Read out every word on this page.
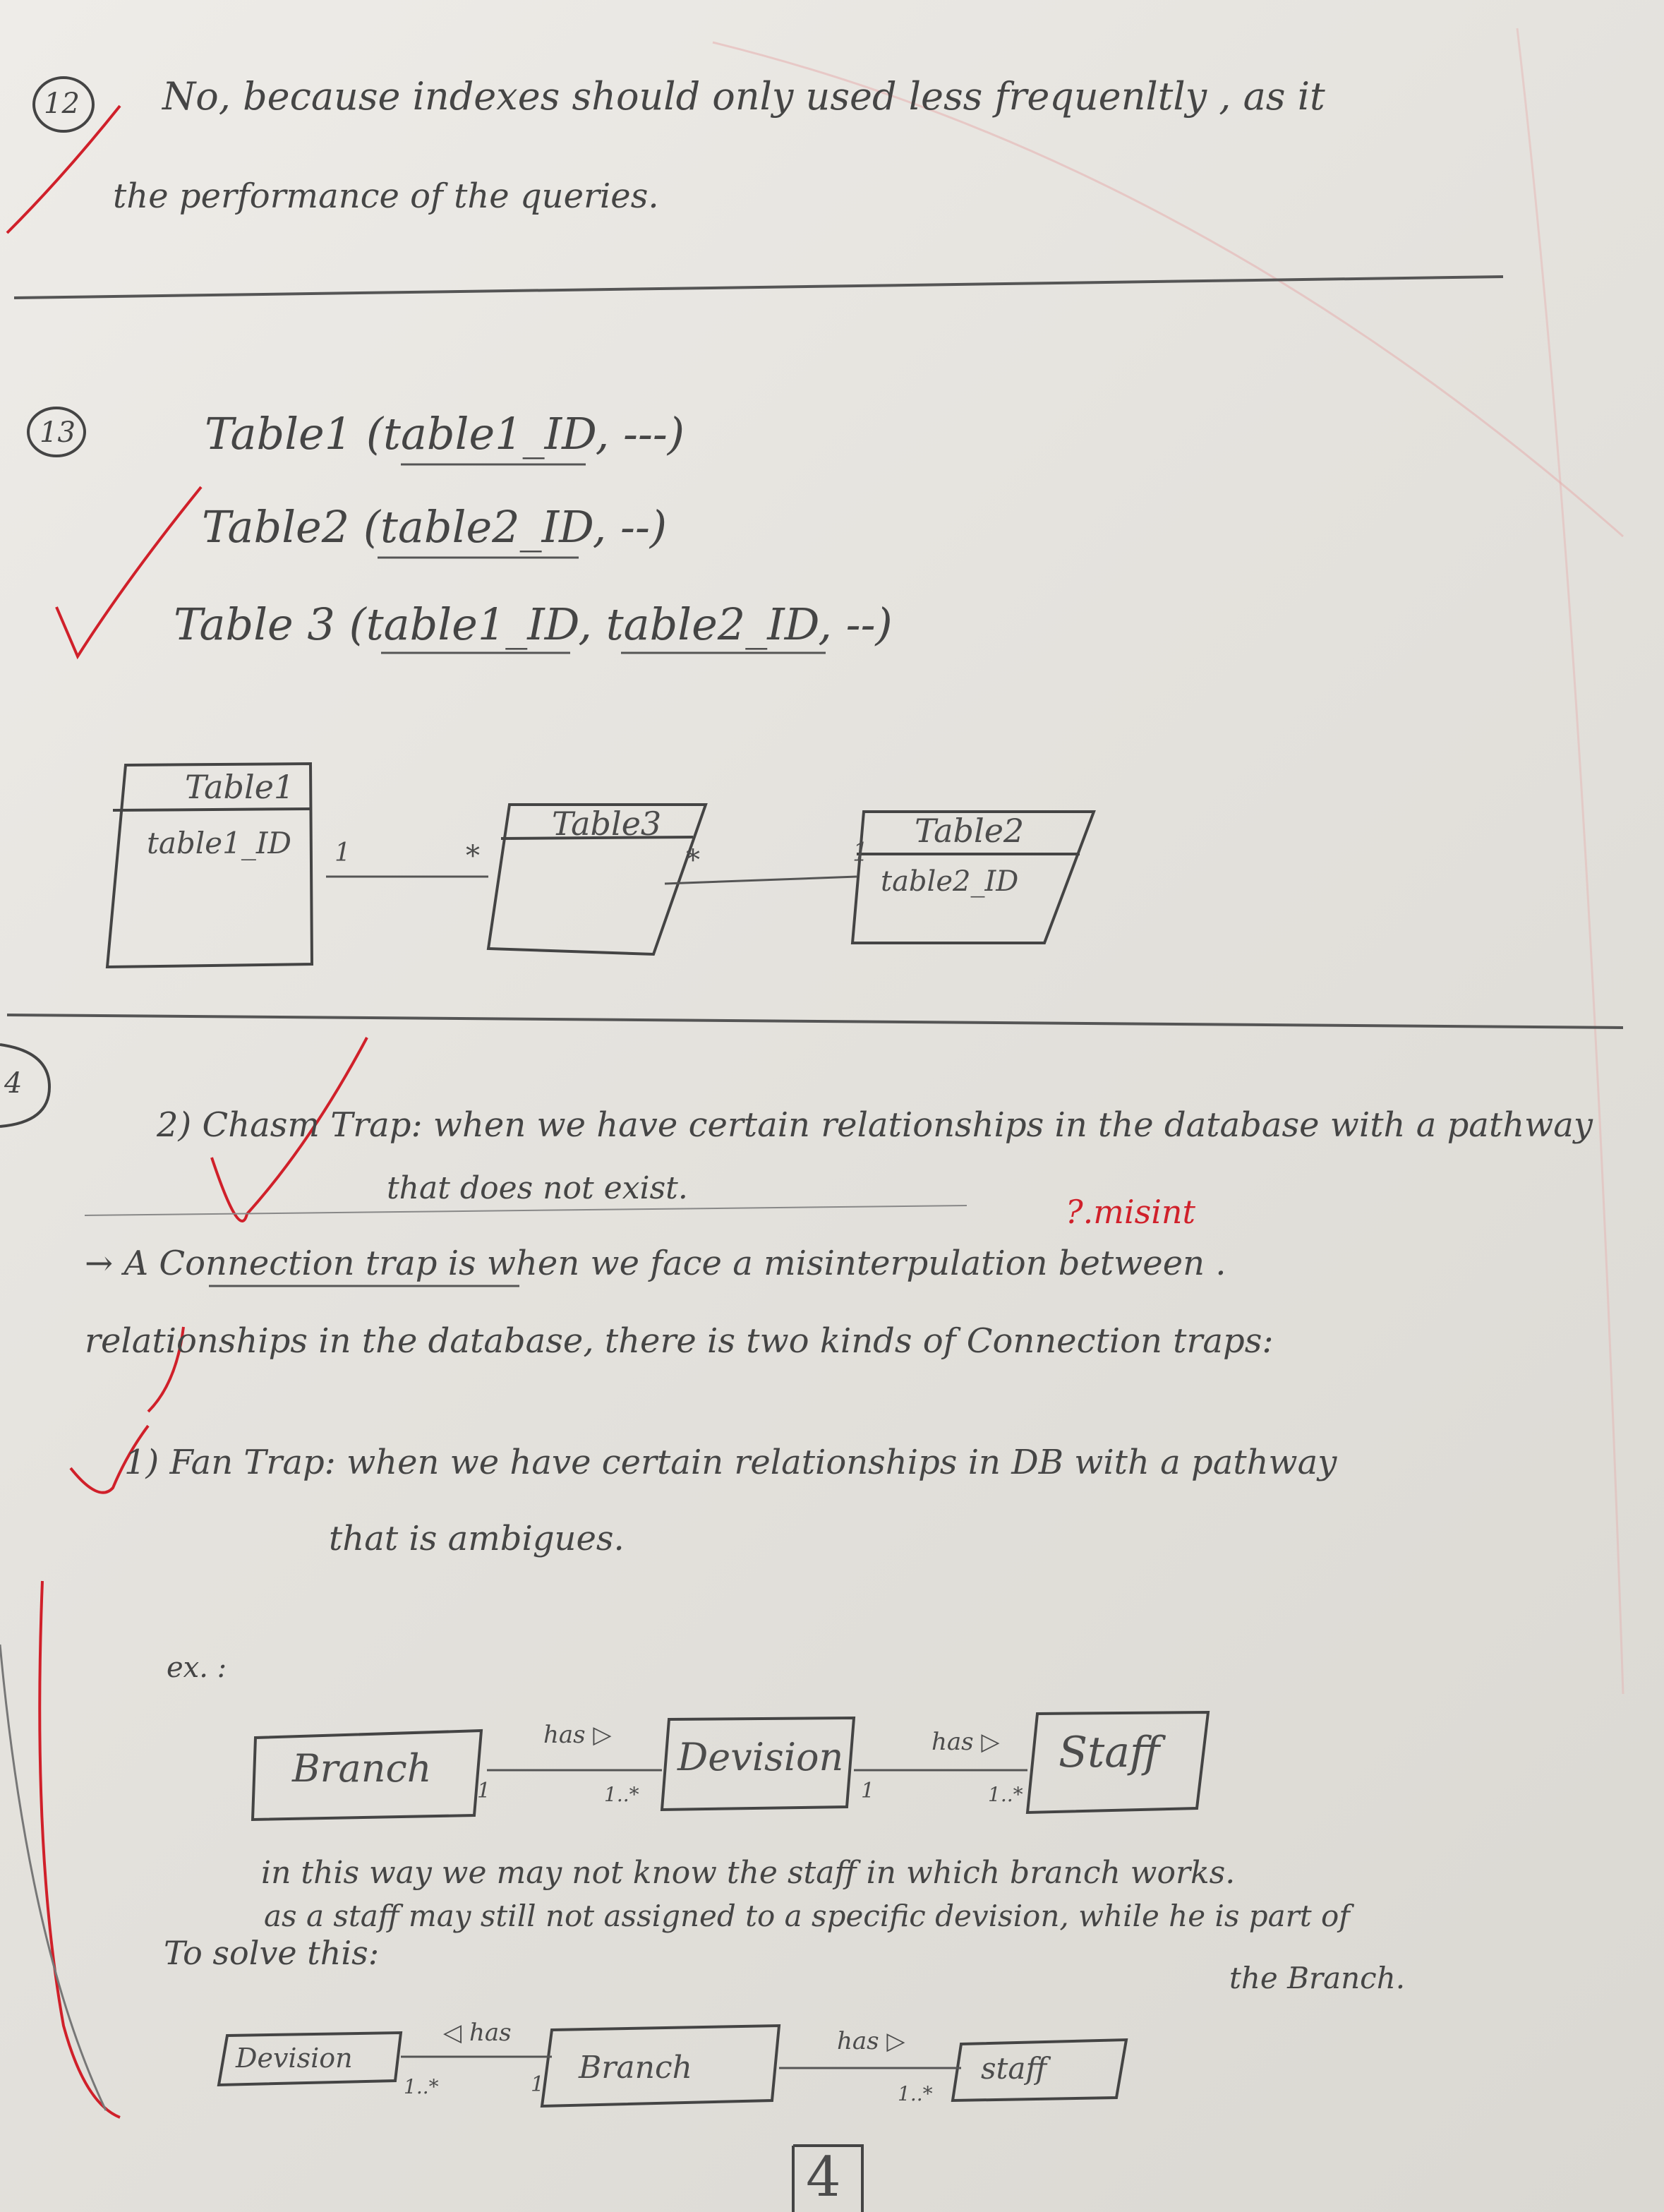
12 No, because indexes should only used less frequenltly , as it
the performance of the queries.
13	Table1 (table1_ID, ---)
Table2 (table2_ID, --)
Table 3 (table1_ID, table2_ID, --)
Table1
table1_ID
Table3	Table2
table2_ID
1	*	*	1
4
2) Chasm Trap: when we have certain relationships in the database with a pathway
that does not exist.
?.misint
→ A Connection trap is when we face a misinterpulation between .
relationships in the database, there is two kinds of Connection traps:
1) Fan Trap: when we have certain relationships in DB with a pathway
that is ambigues.
ex. :
Branch	Devision	Staff
has ▷	has ▷
1	1..*	1	1..*
in this way we may not know the staff in which branch works.
as a staff may still not assigned to a specific devision, while he is part of
To solve this:
the Branch.
Devision	Branch	staff
◁ has	has ▷
1..*	1	1..*
4
